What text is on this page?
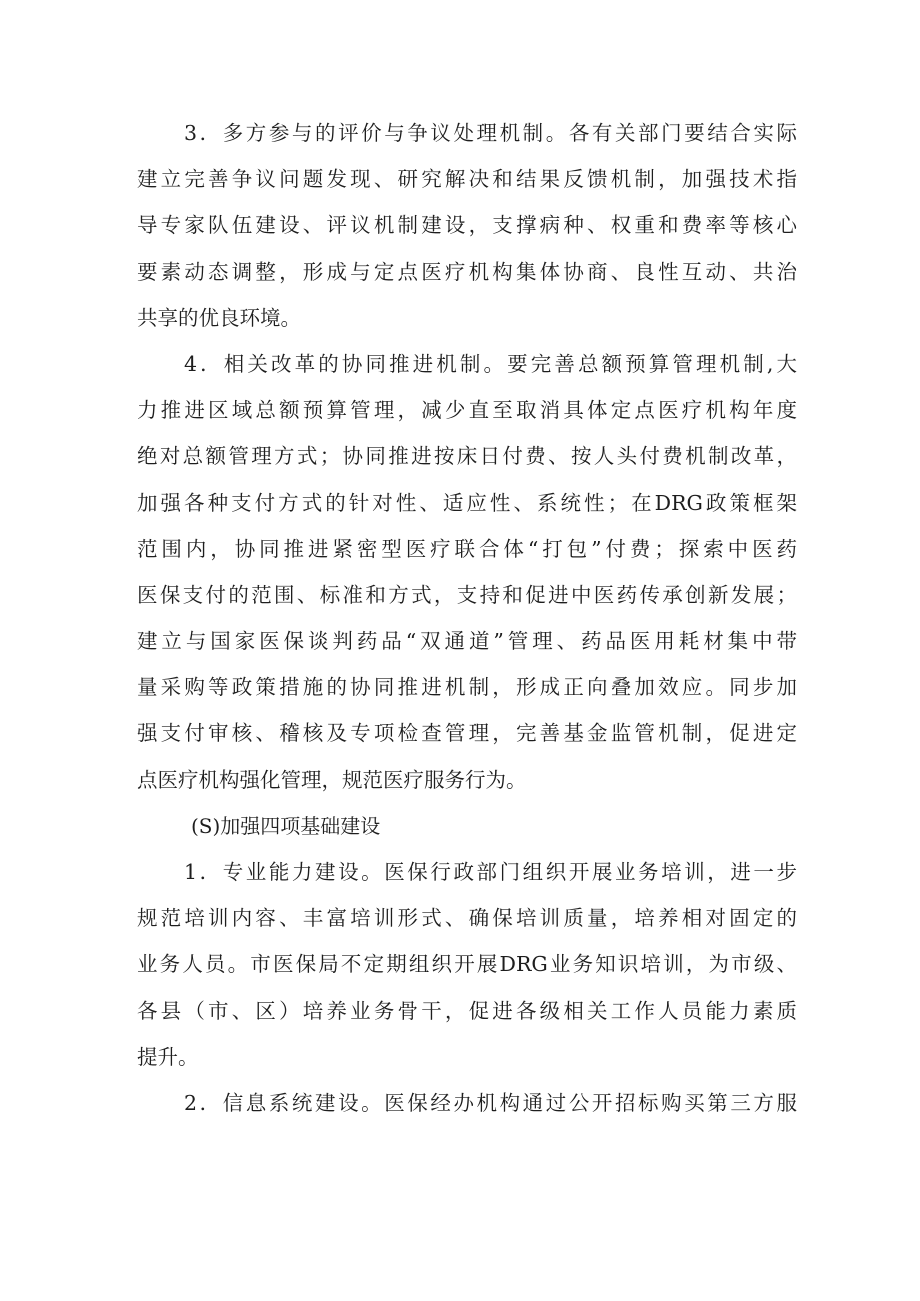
3．多方参与的评价与争议处理机制。各有关部门要结合实际
建立完善争议问题发现、研究解决和结果反馈机制，加强技术指
导专家队伍建设、评议机制建设，支撑病种、权重和费率等核心
要素动态调整，形成与定点医疗机构集体协商、良性互动、共治
共享的优良环境。
4．相关改革的协同推进机制。要完善总额预算管理机制,大
力推进区域总额预算管理，减少直至取消具体定点医疗机构年度
绝对总额管理方式；协同推进按床日付费、按人头付费机制改革，
加强各种支付方式的针对性、适应性、系统性；在DRG政策框架
范围内，协同推进紧密型医疗联合体“打包”付费；探索中医药
医保支付的范围、标准和方式，支持和促进中医药传承创新发展；
建立与国家医保谈判药品“双通道”管理、药品医用耗材集中带
量采购等政策措施的协同推进机制，形成正向叠加效应。同步加
强支付审核、稽核及专项检查管理，完善基金监管机制，促进定
点医疗机构强化管理，规范医疗服务行为。
(S)加强四项基础建设
1．专业能力建设。医保行政部门组织开展业务培训，进一步
规范培训内容、丰富培训形式、确保培训质量，培养相对固定的
业务人员。市医保局不定期组织开展DRG业务知识培训，为市级、
各县（市、区）培养业务骨干，促进各级相关工作人员能力素质
提升。
2．信息系统建设。医保经办机构通过公开招标购买第三方服
